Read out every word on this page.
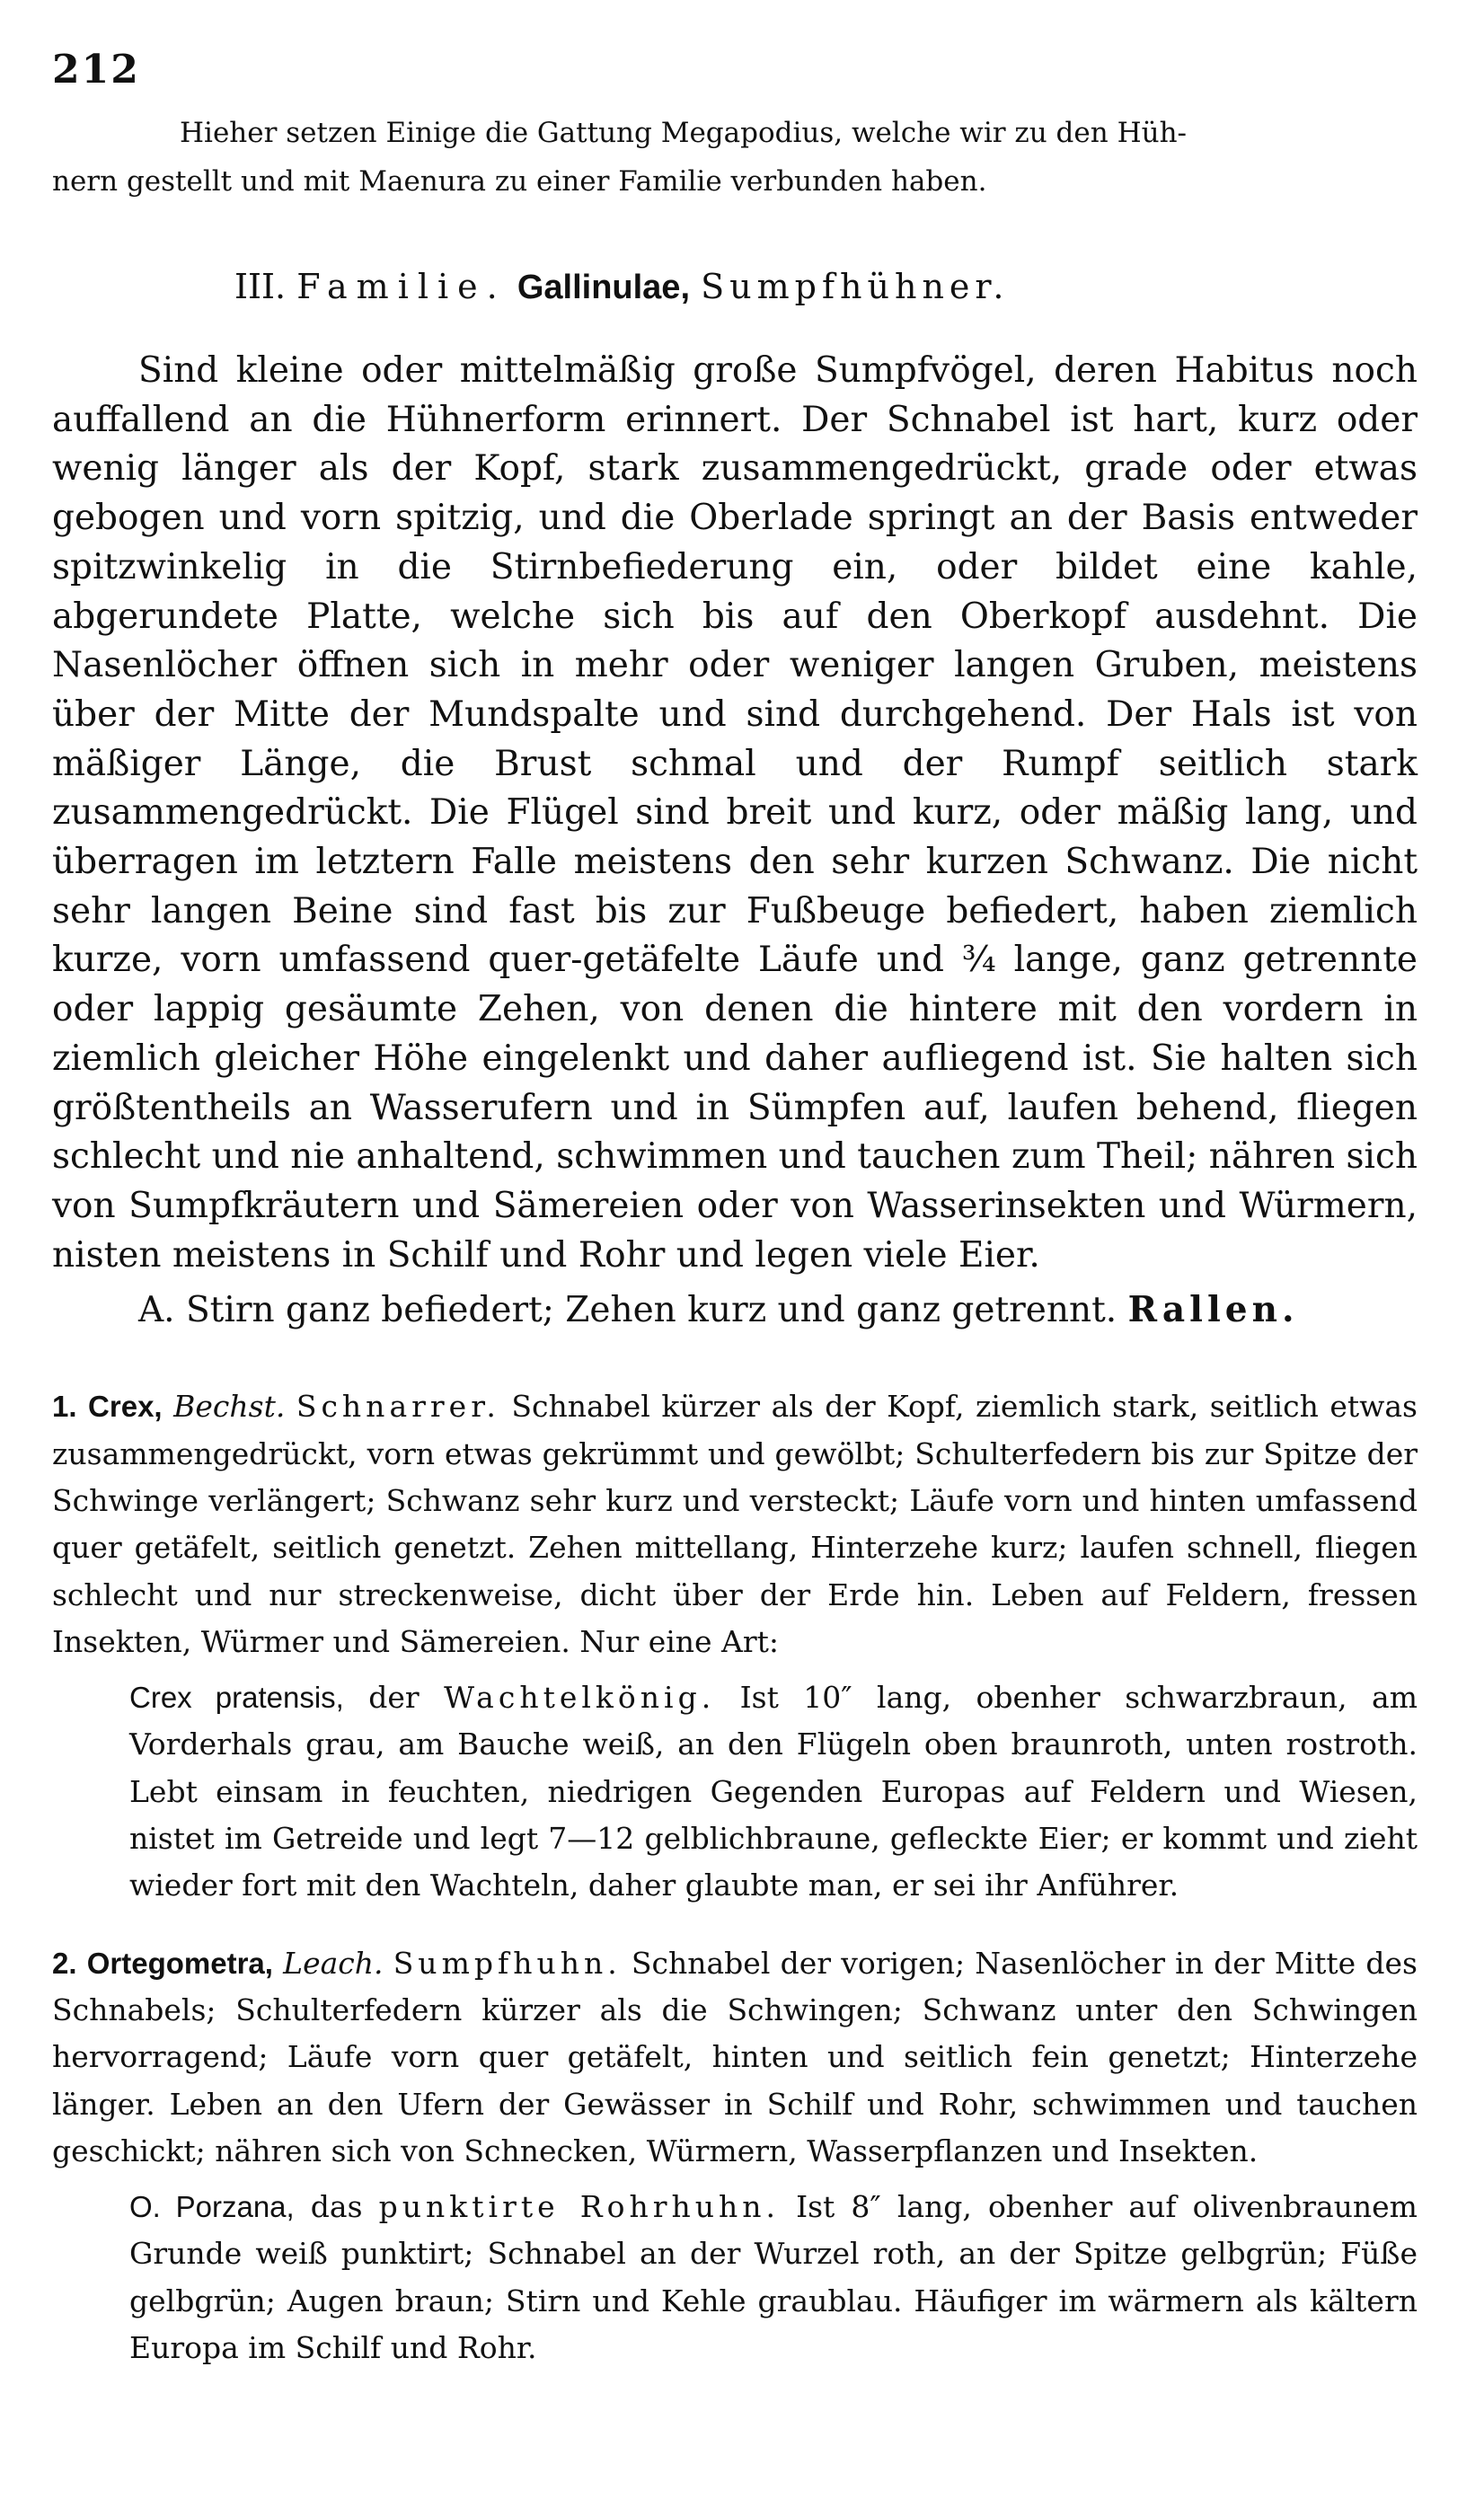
212

Hieher setzen Einige die Gattung Megapodius, welche wir zu den Hüh-
nern gestellt und mit Maenura zu einer Familie verbunden haben.

III. Familie. Gallinulae, Sumpfhühner.

Sind kleine oder mittelmäßig große Sumpfvögel, deren Habitus noch auffallend an die Hühnerform erinnert. Der Schnabel ist hart, kurz oder wenig länger als der Kopf, stark zusammengedrückt, grade oder etwas gebogen und vorn spitzig, und die Oberlade springt an der Basis entweder spitzwinkelig in die Stirnbefiederung ein, oder bildet eine kahle, abgerundete Platte, welche sich bis auf den Oberkopf ausdehnt. Die Nasenlöcher öffnen sich in mehr oder weniger langen Gruben, meistens über der Mitte der Mundspalte und sind durchgehend. Der Hals ist von mäßiger Länge, die Brust schmal und der Rumpf seitlich stark zusammengedrückt. Die Flügel sind breit und kurz, oder mäßig lang, und überragen im letztern Falle meistens den sehr kurzen Schwanz. Die nicht sehr langen Beine sind fast bis zur Fußbeuge befiedert, haben ziemlich kurze, vorn umfassend quer-getäfelte Läufe und ¾ lange, ganz getrennte oder lappig gesäumte Zehen, von denen die hintere mit den vordern in ziemlich gleicher Höhe eingelenkt und daher aufliegend ist. Sie halten sich größtentheils an Wasserufern und in Sümpfen auf, laufen behend, fliegen schlecht und nie anhaltend, schwimmen und tauchen zum Theil; nähren sich von Sumpfkräutern und Sämereien oder von Wasserinsekten und Würmern, nisten meistens in Schilf und Rohr und legen viele Eier.

A. Stirn ganz befiedert; Zehen kurz und ganz getrennt. Rallen.

1. Crex, Bechst. Schnarrer. Schnabel kürzer als der Kopf, ziemlich stark, seitlich etwas zusammengedrückt, vorn etwas gekrümmt und gewölbt; Schulterfedern bis zur Spitze der Schwinge verlängert; Schwanz sehr kurz und versteckt; Läufe vorn und hinten umfassend quer getäfelt, seitlich genetzt. Zehen mittellang, Hinterzehe kurz; laufen schnell, fliegen schlecht und nur streckenweise, dicht über der Erde hin. Leben auf Feldern, fressen Insekten, Würmer und Sämereien. Nur eine Art:

Crex pratensis, der Wachtelkönig. Ist 10″ lang, obenher schwarzbraun, am Vorderhals grau, am Bauche weiß, an den Flügeln oben braunroth, unten rostroth. Lebt einsam in feuchten, niedrigen Gegenden Europas auf Feldern und Wiesen, nistet im Getreide und legt 7—12 gelblichbraune, gefleckte Eier; er kommt und zieht wieder fort mit den Wachteln, daher glaubte man, er sei ihr Anführer.

2. Ortegometra, Leach. Sumpfhuhn. Schnabel der vorigen; Nasenlöcher in der Mitte des Schnabels; Schulterfedern kürzer als die Schwingen; Schwanz unter den Schwingen hervorragend; Läufe vorn quer getäfelt, hinten und seitlich fein genetzt; Hinterzehe länger. Leben an den Ufern der Gewässer in Schilf und Rohr, schwimmen und tauchen geschickt; nähren sich von Schnecken, Würmern, Wasserpflanzen und Insekten.

O. Porzana, das punktirte Rohrhuhn. Ist 8″ lang, obenher auf olivenbraunem Grunde weiß punktirt; Schnabel an der Wurzel roth, an der Spitze gelbgrün; Füße gelbgrün; Augen braun; Stirn und Kehle graublau. Häufiger im wärmern als kältern Europa im Schilf und Rohr.
